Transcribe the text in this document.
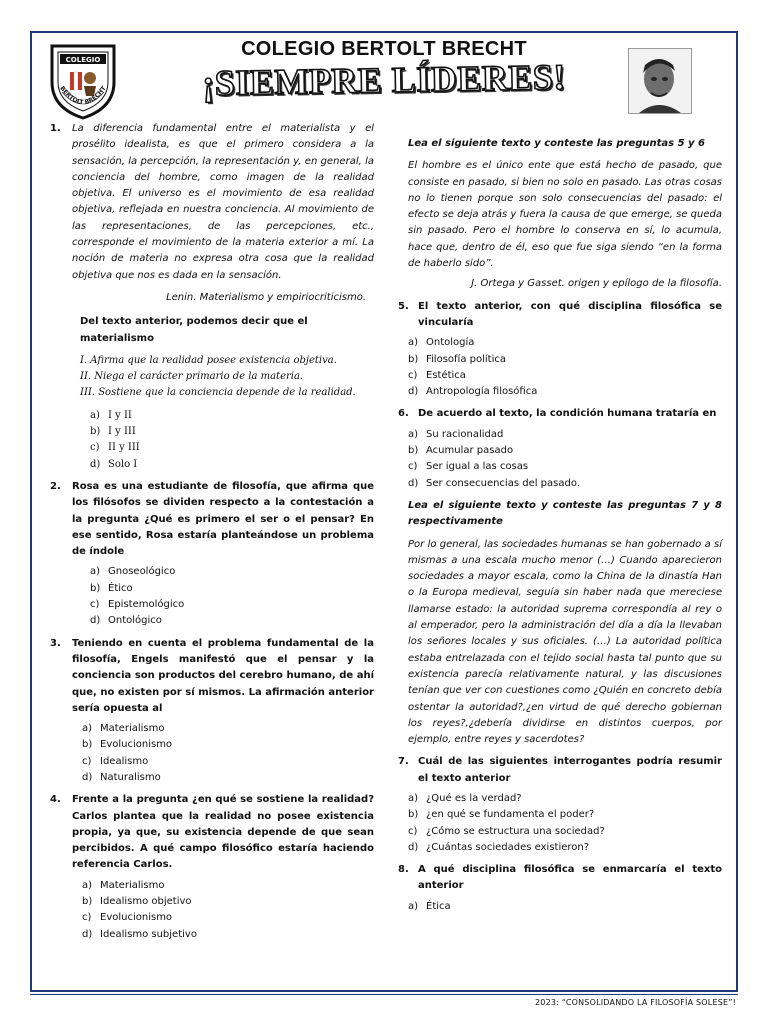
COLEGIO
BERTOLT BRECHT
COLEGIO BERTOLT BRECHT
¡SIEMPRE LÍDERES!
1.	La diferencia fundamental entre el materialista y el prosélito idealista, es que el primero considera a la sensación, la percepción, la representación y, en general, la conciencia del hombre, como imagen de la realidad objetiva. El universo es el movimiento de esa realidad objetiva, reflejada en nuestra conciencia. Al movimiento de las representaciones, de las percepciones, etc., corresponde el movimiento de la materia exterior a mí. La noción de materia no expresa otra cosa que la realidad objetiva que nos es dada en la sensación.
Lenin. Materialismo y empiriocriticismo.
Del texto anterior, podemos decir que el materialismo
I. Afirma que la realidad posee existencia objetiva.
II. Niega el carácter primario de la materia.
III. Sostiene que la conciencia depende de la realidad.
a) I y II
b) I y III
c) II y III
d) Solo I
2.	Rosa es una estudiante de filosofía, que afirma que los filósofos se dividen respecto a la contestación a la pregunta ¿Qué es primero el ser o el pensar? En ese sentido, Rosa estaría planteándose un problema de índole
a) Gnoseológico
b) Ético
c) Epistemológico
d) Ontológico
3.	Teniendo en cuenta el problema fundamental de la filosofía, Engels manifestó que el pensar y la conciencia son productos del cerebro humano, de ahí que, no existen por sí mismos. La afirmación anterior sería opuesta al
a) Materialismo
b) Evolucionismo
c) Idealismo
d) Naturalismo
4.	Frente a la pregunta ¿en qué se sostiene la realidad? Carlos plantea que la realidad no posee existencia propia, ya que, su existencia depende de que sean percibidos. A qué campo filosófico estaría haciendo referencia Carlos.
a) Materialismo
b) Idealismo objetivo
c) Evolucionismo
d) Idealismo subjetivo
Lea el siguiente texto y conteste las preguntas 5 y 6
El hombre es el único ente que está hecho de pasado, que consiste en pasado, si bien no solo en pasado. Las otras cosas no lo tienen porque son solo consecuencias del pasado: el efecto se deja atrás y fuera la causa de que emerge, se queda sin pasado. Pero el hombre lo conserva en sí, lo acumula, hace que, dentro de él, eso que fue siga siendo “en la forma de haberlo sido”.
J. Ortega y Gasset. origen y epílogo de la filosofía.
5. El texto anterior, con qué disciplina filosófica se vincularía
a) Ontología
b) Filosofía política
c) Estética
d) Antropología filosófica
6. De acuerdo al texto, la condición humana trataría en
a) Su racionalidad
b) Acumular pasado
c) Ser igual a las cosas
d) Ser consecuencias del pasado.
Lea el siguiente texto y conteste las preguntas 7 y 8 respectivamente
Por lo general, las sociedades humanas se han gobernado a sí mismas a una escala mucho menor (…) Cuando aparecieron sociedades a mayor escala, como la China de la dinastía Han o la Europa medieval, seguía sin haber nada que mereciese llamarse estado: la autoridad suprema correspondía al rey o al emperador, pero la administración del día a día la llevaban los señores locales y sus oficiales. (…) La autoridad política estaba entrelazada con el tejido social hasta tal punto que su existencia parecía relativamente natural, y las discusiones tenían que ver con cuestiones como ¿Quién en concreto debía ostentar la autoridad?,¿en virtud de qué derecho gobiernan los reyes?,¿debería dividirse en distintos cuerpos, por ejemplo, entre reyes y sacerdotes?
7. Cuál de las siguientes interrogantes podría resumir el texto anterior
a) ¿Qué es la verdad?
b) ¿en qué se fundamenta el poder?
c) ¿Cómo se estructura una sociedad?
d) ¿Cuántas sociedades existieron?
8. A qué disciplina filosófica se enmarcaría el texto anterior
a) Ética
2023: “CONSOLIDANDO LA FILOSOFÍA SOLESE”!
